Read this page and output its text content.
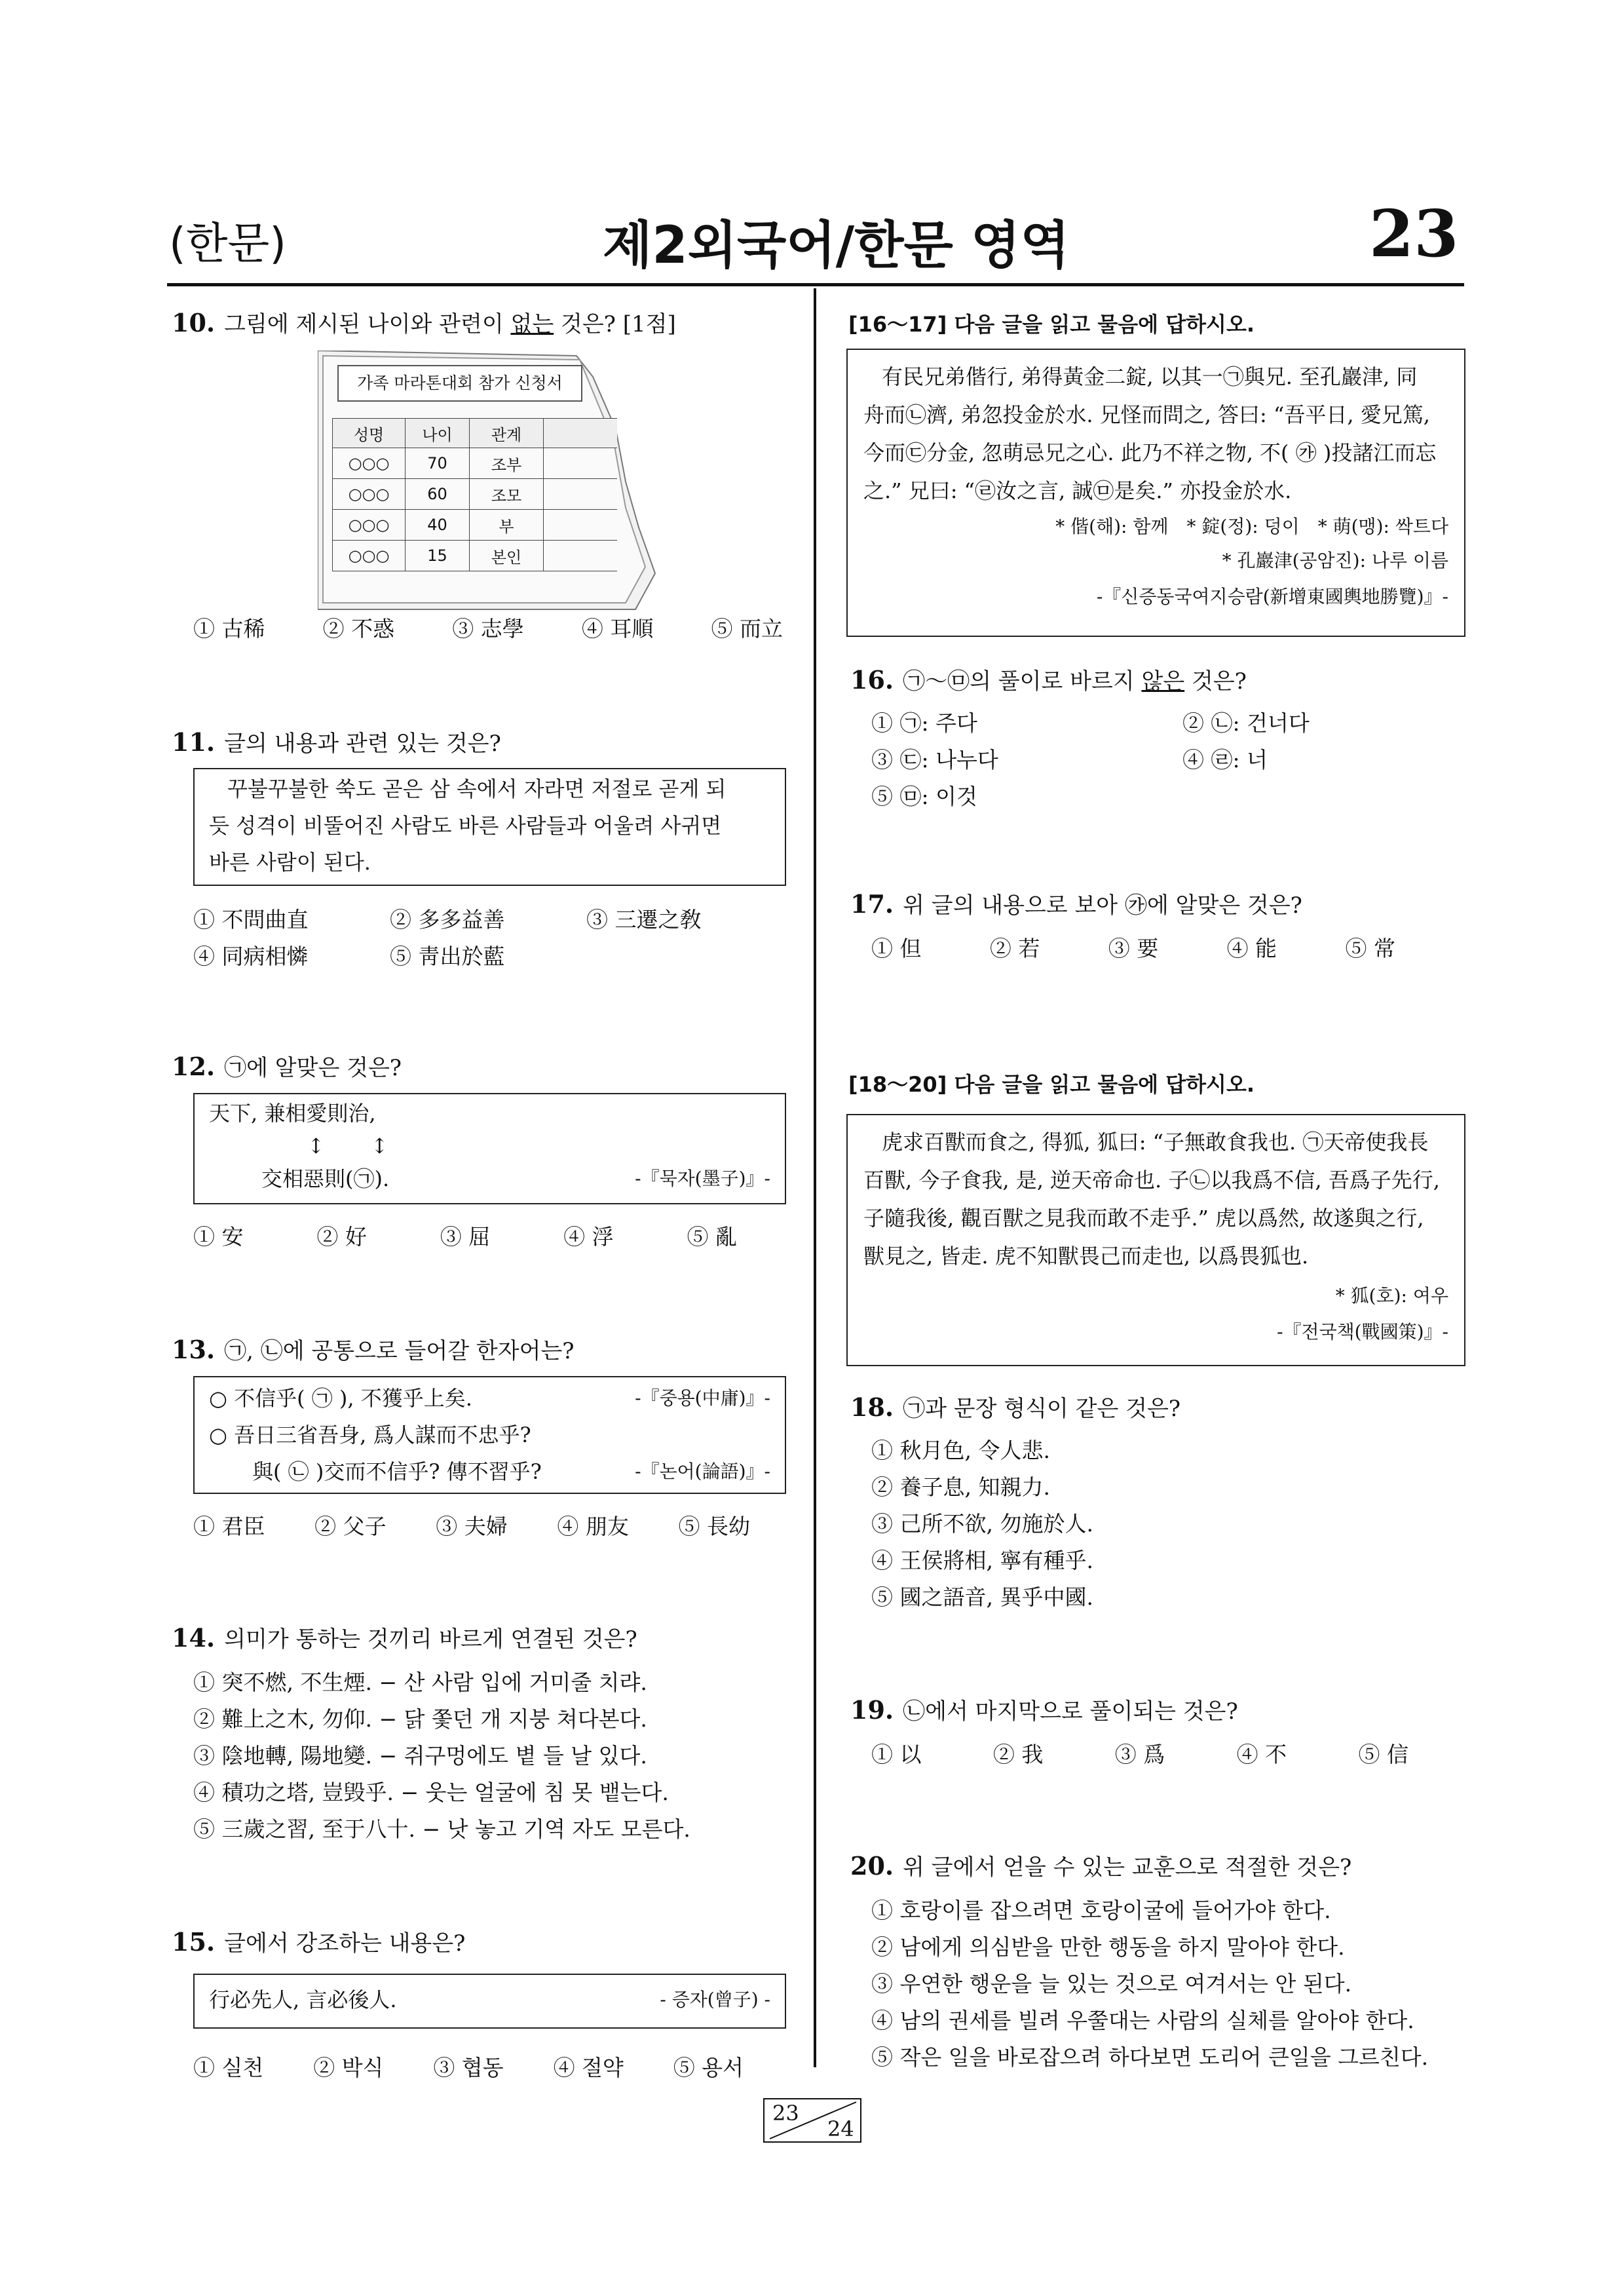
(한문)	제2외국어/한문 영역	23
10. 그림에 제시된 나이와 관련이 없는 것은? [1점]
가족 마라톤대회 참가 신청서
성명	나이	관계	
○○○	70	조부	
○○○	60	조모	
○○○	40	부	
○○○	15	본인	
① 古稀	② 不惑	③ 志學	④ 耳順	⑤ 而立
11. 글의 내용과 관련 있는 것은?
꾸불꾸불한 쑥도 곧은 삼 속에서 자라면 저절로 곧게 되
듯 성격이 비뚤어진 사람도 바른 사람들과 어울려 사귀면
바른 사람이 된다.
① 不問曲直	② 多多益善	③ 三遷之敎
④ 同病相憐	⑤ 靑出於藍
12. ㉠에 알맞은 것은?
天下, 兼相愛則治,
↕ ↕
交相惡則(㉠).	-『묵자(墨子)』-
① 安	② 好	③ 屈	④ 浮	⑤ 亂
13. ㉠, ㉡에 공통으로 들어갈 한자어는?
○ 不信乎( ㉠ ), 不獲乎上矣.	-『중용(中庸)』-
○ 吾日三省吾身, 爲人謀而不忠乎?
與( ㉡ )交而不信乎? 傳不習乎?	-『논어(論語)』-
① 君臣 ② 父子 ③ 夫婦 ④ 朋友 ⑤ 長幼
14. 의미가 통하는 것끼리 바르게 연결된 것은?
① 突不燃, 不生煙. − 산 사람 입에 거미줄 치랴.
② 難上之木, 勿仰. − 닭 쫓던 개 지붕 쳐다본다.
③ 陰地轉, 陽地變. − 쥐구멍에도 볕 들 날 있다.
④ 積功之塔, 豈毁乎. − 웃는 얼굴에 침 못 뱉는다.
⑤ 三歲之習, 至于八十. − 낫 놓고 기역 자도 모른다.
15. 글에서 강조하는 내용은?
行必先人, 言必後人.	- 증자(曾子) -
① 실천 ② 박식 ③ 협동 ④ 절약 ⑤ 용서
[16～17] 다음 글을 읽고 물음에 답하시오.
有民兄弟偕行, 弟得黃金二錠, 以其一㉠與兄. 至孔巖津, 同
舟而㉡濟, 弟忽投金於水. 兄怪而問之, 答曰: “吾平日, 愛兄篤,
今而㉢分金, 忽萌忌兄之心. 此乃不祥之物, 不( ㉮ )投諸江而忘
之.” 兄曰: “㉣汝之言, 誠㉤是矣.” 亦投金於水.
* 偕(해): 함께　* 錠(정): 덩이　* 萌(맹): 싹트다
* 孔巖津(공암진): 나루 이름
-『신증동국여지승람(新增東國輿地勝覽)』-
16. ㉠～㉤의 풀이로 바르지 않은 것은?
① ㉠: 주다	② ㉡: 건너다
③ ㉢: 나누다	④ ㉣: 너
⑤ ㉤: 이것
17. 위 글의 내용으로 보아 ㉮에 알맞은 것은?
① 但	② 若	③ 要	④ 能	⑤ 常
[18～20] 다음 글을 읽고 물음에 답하시오.
虎求百獸而食之, 得狐, 狐曰: “子無敢食我也. ㉠天帝使我長
百獸, 今子食我, 是, 逆天帝命也. 子㉡以我爲不信, 吾爲子先行,
子隨我後, 觀百獸之見我而敢不走乎.” 虎以爲然, 故遂與之行,
獸見之, 皆走. 虎不知獸畏己而走也, 以爲畏狐也.
* 狐(호): 여우
-『전국책(戰國策)』-
18. ㉠과 문장 형식이 같은 것은?
① 秋月色, 令人悲.
② 養子息, 知親力.
③ 己所不欲, 勿施於人.
④ 王侯將相, 寧有種乎.
⑤ 國之語音, 異乎中國.
19. ㉡에서 마지막으로 풀이되는 것은?
① 以	② 我	③ 爲	④ 不	⑤ 信
20. 위 글에서 얻을 수 있는 교훈으로 적절한 것은?
① 호랑이를 잡으려면 호랑이굴에 들어가야 한다.
② 남에게 의심받을 만한 행동을 하지 말아야 한다.
③ 우연한 행운을 늘 있는 것으로 여겨서는 안 된다.
④ 남의 권세를 빌려 우쭐대는 사람의 실체를 알아야 한다.
⑤ 작은 일을 바로잡으려 하다보면 도리어 큰일을 그르친다.
23
24
